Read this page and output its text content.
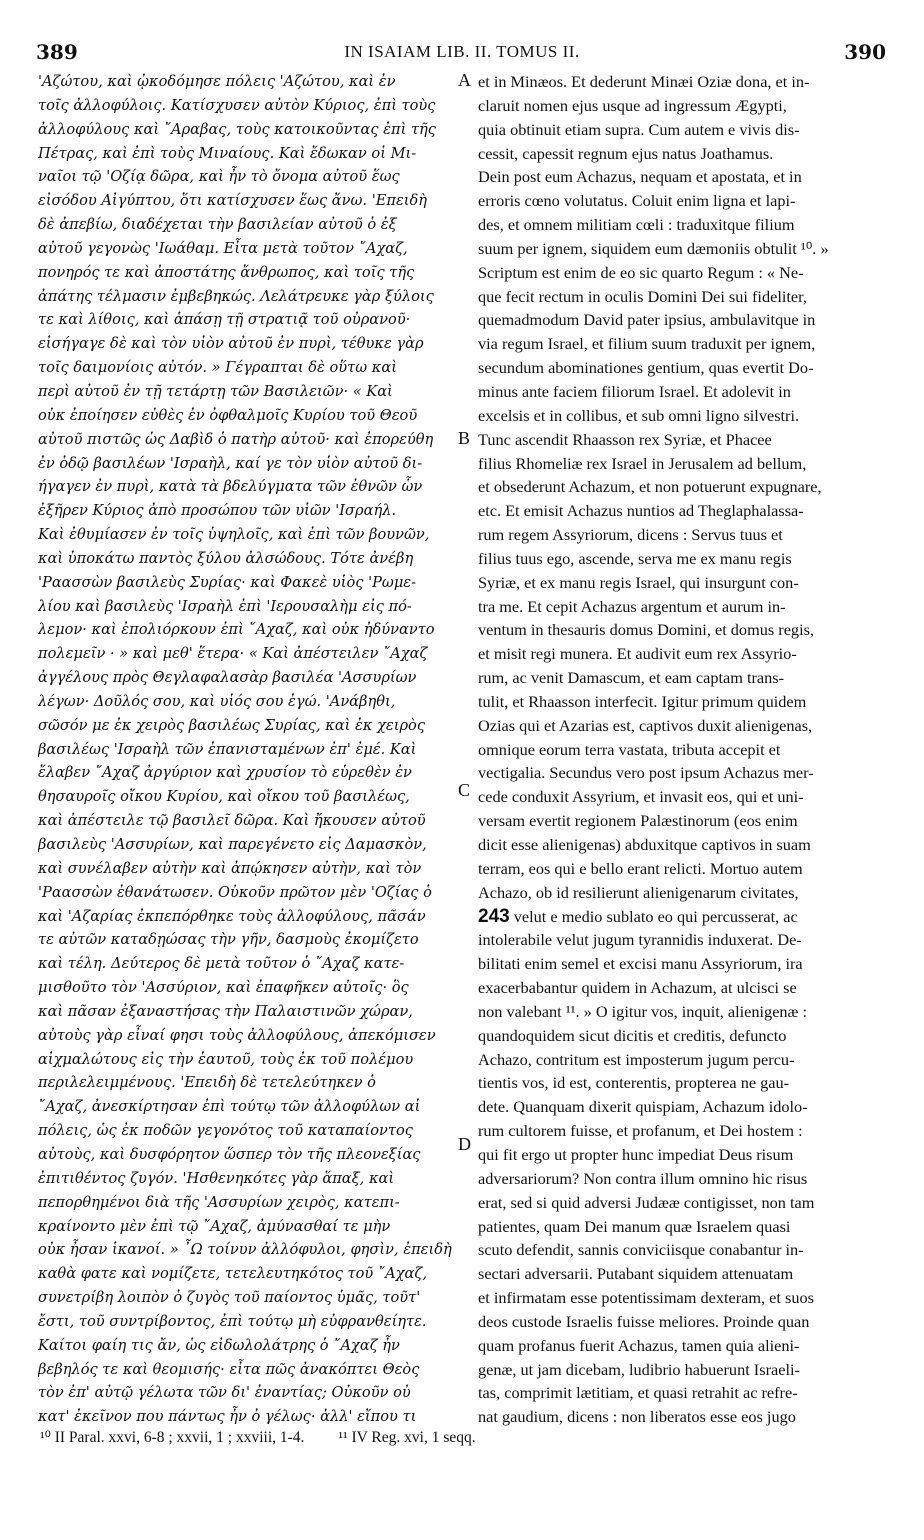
389	IN ISAIAM LIB. II. TOMUS II.	390
'Αζώτου, καὶ ᾠκοδόμησε πόλεις 'Αζώτου, καὶ ἐν
τοῖς ἀλλοφύλοις. Κατίσχυσεν αὐτὸν Κύριος, ἐπὶ τοὺς
ἀλλοφύλους καὶ ῎Αραβας, τοὺς κατοικοῦντας ἐπὶ τῆς
Πέτρας, καὶ ἐπὶ τοὺς Μιναίους. Καὶ ἔδωκαν οἱ Μι-
ναῖοι τῷ 'Οζίᾳ δῶρα, καὶ ἦν τὸ ὄνομα αὐτοῦ ἕως
εἰσόδου Αἰγύπτου, ὅτι κατίσχυσεν ἕως ἄνω. 'Επειδὴ
δὲ ἀπεβίω, διαδέχεται τὴν βασιλείαν αὐτοῦ ὁ ἐξ
αὐτοῦ γεγονὼς 'Ιωάθαμ. Εἶτα μετὰ τοῦτον ῎Αχαζ,
πονηρός τε καὶ ἀποστάτης ἄνθρωπος, καὶ τοῖς τῆς
ἀπάτης τέλμασιν ἐμβεβηκώς. Λελάτρευκε γὰρ ξύλοις
τε καὶ λίθοις, καὶ ἁπάσῃ τῇ στρατιᾷ τοῦ οὐρανοῦ·
εἰσήγαγε δὲ καὶ τὸν υἱὸν αὐτοῦ ἐν πυρὶ, τέθυκε γὰρ
τοῖς δαιμονίοις αὐτόν. » Γέγραπται δὲ οὕτω καὶ
περὶ αὐτοῦ ἐν τῇ τετάρτῃ τῶν Βασιλειῶν· « Καὶ
οὐκ ἐποίησεν εὐθὲς ἐν ὀφθαλμοῖς Κυρίου τοῦ Θεοῦ
αὐτοῦ πιστῶς ὡς Δαβὶδ ὁ πατὴρ αὐτοῦ· καὶ ἐπορεύθη
ἐν ὁδῷ βασιλέων 'Ισραὴλ, καί γε τὸν υἱὸν αὐτοῦ δι-
ήγαγεν ἐν πυρὶ, κατὰ τὰ βδελύγματα τῶν ἐθνῶν ὧν
ἐξῆρεν Κύριος ἀπὸ προσώπου τῶν υἱῶν 'Ισραήλ.
Καὶ ἐθυμίασεν ἐν τοῖς ὑψηλοῖς, καὶ ἐπὶ τῶν βουνῶν,
καὶ ὑποκάτω παντὸς ξύλου ἀλσώδους. Τότε ἀνέβη
'Ραασσὼν βασιλεὺς Συρίας· καὶ Φακεὲ υἱὸς 'Ρωμε-
λίου καὶ βασιλεὺς 'Ισραὴλ ἐπὶ 'Ιερουσαλὴμ εἰς πό-
λεμον· καὶ ἐπολιόρκουν ἐπὶ ῎Αχαζ, καὶ οὐκ ἠδύναντο
πολεμεῖν · » καὶ μεθ' ἕτερα· « Καὶ ἀπέστειλεν ῎Αχαζ
ἀγγέλους πρὸς Θεγλαφαλασὰρ βασιλέα 'Ασσυρίων
λέγων· Δοῦλός σου, καὶ υἱός σου ἐγώ. 'Ανάβηθι,
σῶσόν με ἐκ χειρὸς βασιλέως Συρίας, καὶ ἐκ χειρὸς
βασιλέως 'Ισραὴλ τῶν ἐπανισταμένων ἐπ' ἐμέ. Καὶ
ἔλαβεν ῎Αχαζ ἀργύριον καὶ χρυσίον τὸ εὑρεθὲν ἐν
θησαυροῖς οἴκου Κυρίου, καὶ οἴκου τοῦ βασιλέως,
καὶ ἀπέστειλε τῷ βασιλεῖ δῶρα. Καὶ ἤκουσεν αὐτοῦ
βασιλεὺς 'Ασσυρίων, καὶ παρεγένετο εἰς Δαμασκὸν,
καὶ συνέλαβεν αὐτὴν καὶ ἀπῴκησεν αὐτὴν, καὶ τὸν
'Ραασσὼν ἐθανάτωσεν. Οὐκοῦν πρῶτον μὲν 'Οζίας ὁ
καὶ 'Αζαρίας ἐκπεπόρθηκε τοὺς ἀλλοφύλους, πᾶσάν
τε αὐτῶν καταδῃώσας τὴν γῆν, δασμοὺς ἐκομίζετο
καὶ τέλη. Δεύτερος δὲ μετὰ τοῦτον ὁ ῎Αχαζ κατε-
μισθοῦτο τὸν 'Ασσύριον, καὶ ἐπαφῆκεν αὐτοῖς· ὃς
καὶ πᾶσαν ἐξαναστήσας τὴν Παλαιστινῶν χώραν,
αὐτοὺς γὰρ εἶναί φησι τοὺς ἀλλοφύλους, ἀπεκόμισεν
αἰχμαλώτους εἰς τὴν ἑαυτοῦ, τοὺς ἐκ τοῦ πολέμου
περιλελειμμένους. 'Επειδὴ δὲ τετελεύτηκεν ὁ
῎Αχαζ, ἀνεσκίρτησαν ἐπὶ τούτῳ τῶν ἀλλοφύλων αἱ
πόλεις, ὡς ἐκ ποδῶν γεγονότος τοῦ καταπαίοντος
αὐτοὺς, καὶ δυσφόρητον ὥσπερ τὸν τῆς πλεονεξίας
ἐπιτιθέντος ζυγόν. 'Ησθενηκότες γὰρ ἅπαξ, καὶ
πεπορθημένοι διὰ τῆς 'Ασσυρίων χειρὸς, κατεπι-
κραίνοντο μὲν ἐπὶ τῷ ῎Αχαζ, ἀμύνασθαί τε μὴν
οὐκ ἦσαν ἱκανοί. » ῏Ω τοίνυν ἀλλόφυλοι, φησὶν, ἐπειδὴ
καθὰ φατε καὶ νομίζετε, τετελευτηκότος τοῦ ῎Αχαζ,
συνετρίβη λοιπὸν ὁ ζυγὸς τοῦ παίοντος ὑμᾶς, τοῦτ'
ἔστι, τοῦ συντρίβοντος, ἐπὶ τούτῳ μὴ εὐφρανθείητε.
Καίτοι φαίη τις ἄν, ὡς εἰδωλολάτρης ὁ ῎Αχαζ ἦν
βεβηλός τε καὶ θεομισής· εἶτα πῶς ἀνακόπτει Θεὸς
τὸν ἐπ' αὐτῷ γέλωτα τῶν δι' ἐναντίας; Οὐκοῦν οὐ
κατ' ἐκεῖνον που πάντως ἦν ὁ γέλως· ἀλλ' εἴπου τι
et in Minæos. Et dederunt Minæi Oziæ dona, et in-
claruit nomen ejus usque ad ingressum Ægypti,
quia obtinuit etiam supra. Cum autem e vivis dis-
cessit, capessit regnum ejus natus Joathamus.
Dein post eum Achazus, nequam et apostata, et in
erroris cœno volutatus. Coluit enim ligna et lapi-
des, et omnem militiam cœli : traduxitque filium
suum per ignem, siquidem eum dæmoniis obtulit ¹⁰. »
Scriptum est enim de eo sic quarto Regum : « Ne-
que fecit rectum in oculis Domini Dei sui fideliter,
quemadmodum David pater ipsius, ambulavitque in
via regum Israel, et filium suum traduxit per ignem,
secundum abominationes gentium, quas evertit Do-
minus ante faciem filiorum Israel. Et adolevit in
excelsis et in collibus, et sub omni ligno silvestri.
Tunc ascendit Rhaasson rex Syriæ, et Phacee
filius Rhomeliæ rex Israel in Jerusalem ad bellum,
et obsederunt Achazum, et non potuerunt expugnare,
etc. Et emisit Achazus nuntios ad Theglaphalassa-
rum regem Assyriorum, dicens : Servus tuus et
filius tuus ego, ascende, serva me ex manu regis
Syriæ, et ex manu regis Israel, qui insurgunt con-
tra me. Et cepit Achazus argentum et aurum in-
ventum in thesauris domus Domini, et domus regis,
et misit regi munera. Et audivit eum rex Assyrio-
rum, ac venit Damascum, et eam captam trans-
tulit, et Rhaasson interfecit. Igitur primum quidem
Ozias qui et Azarias est, captivos duxit alienigenas,
omnique eorum terra vastata, tributa accepit et
vectigalia. Secundus vero post ipsum Achazus mer-
cede conduxit Assyrium, et invasit eos, qui et uni-
versam evertit regionem Palæstinorum (eos enim
dicit esse alienigenas) abduxitque captivos in suam
terram, eos qui e bello erant relicti. Mortuo autem
Achazo, ob id resilierunt alienigenarum civitates,
243 velut e medio sublato eo qui percusserat, ac
intolerabile velut jugum tyrannidis induxerat. De-
bilitati enim semel et excisi manu Assyriorum, ira
exacerbabantur quidem in Achazum, at ulcisci se
non valebant ¹¹. » O igitur vos, inquit, alienigenæ :
quandoquidem sicut dicitis et creditis, defuncto
Achazo, contritum est imposterum jugum percu-
tientis vos, id est, conterentis, propterea ne gau-
dete. Quanquam dixerit quispiam, Achazum idolo-
rum cultorem fuisse, et profanum, et Dei hostem :
qui fit ergo ut propter hunc impediat Deus risum
adversariorum? Non contra illum omnino hic risus
erat, sed si quid adversi Judææ contigisset, non tam
patientes, quam Dei manum quæ Israelem quasi
scuto defendit, sannis conviciisque conabantur in-
sectari adversarii. Putabant siquidem attenuatam
et infirmatam esse potentissimam dexteram, et suos
deos custode Israelis fuisse meliores. Proinde quan
quam profanus fuerit Achazus, tamen quia alieni-
genæ, ut jam dicebam, ludibrio habuerunt Israeli-
tas, comprimit lætitiam, et quasi retrahit ac refre-
nat gaudium, dicens : non liberatos esse eos jugo
A
B
C
D
¹⁰ II Paral. xxvi, 6-8 ; xxvii, 1 ; xxviii, 1-4. ¹¹ IV Reg. xvi, 1 seqq.
